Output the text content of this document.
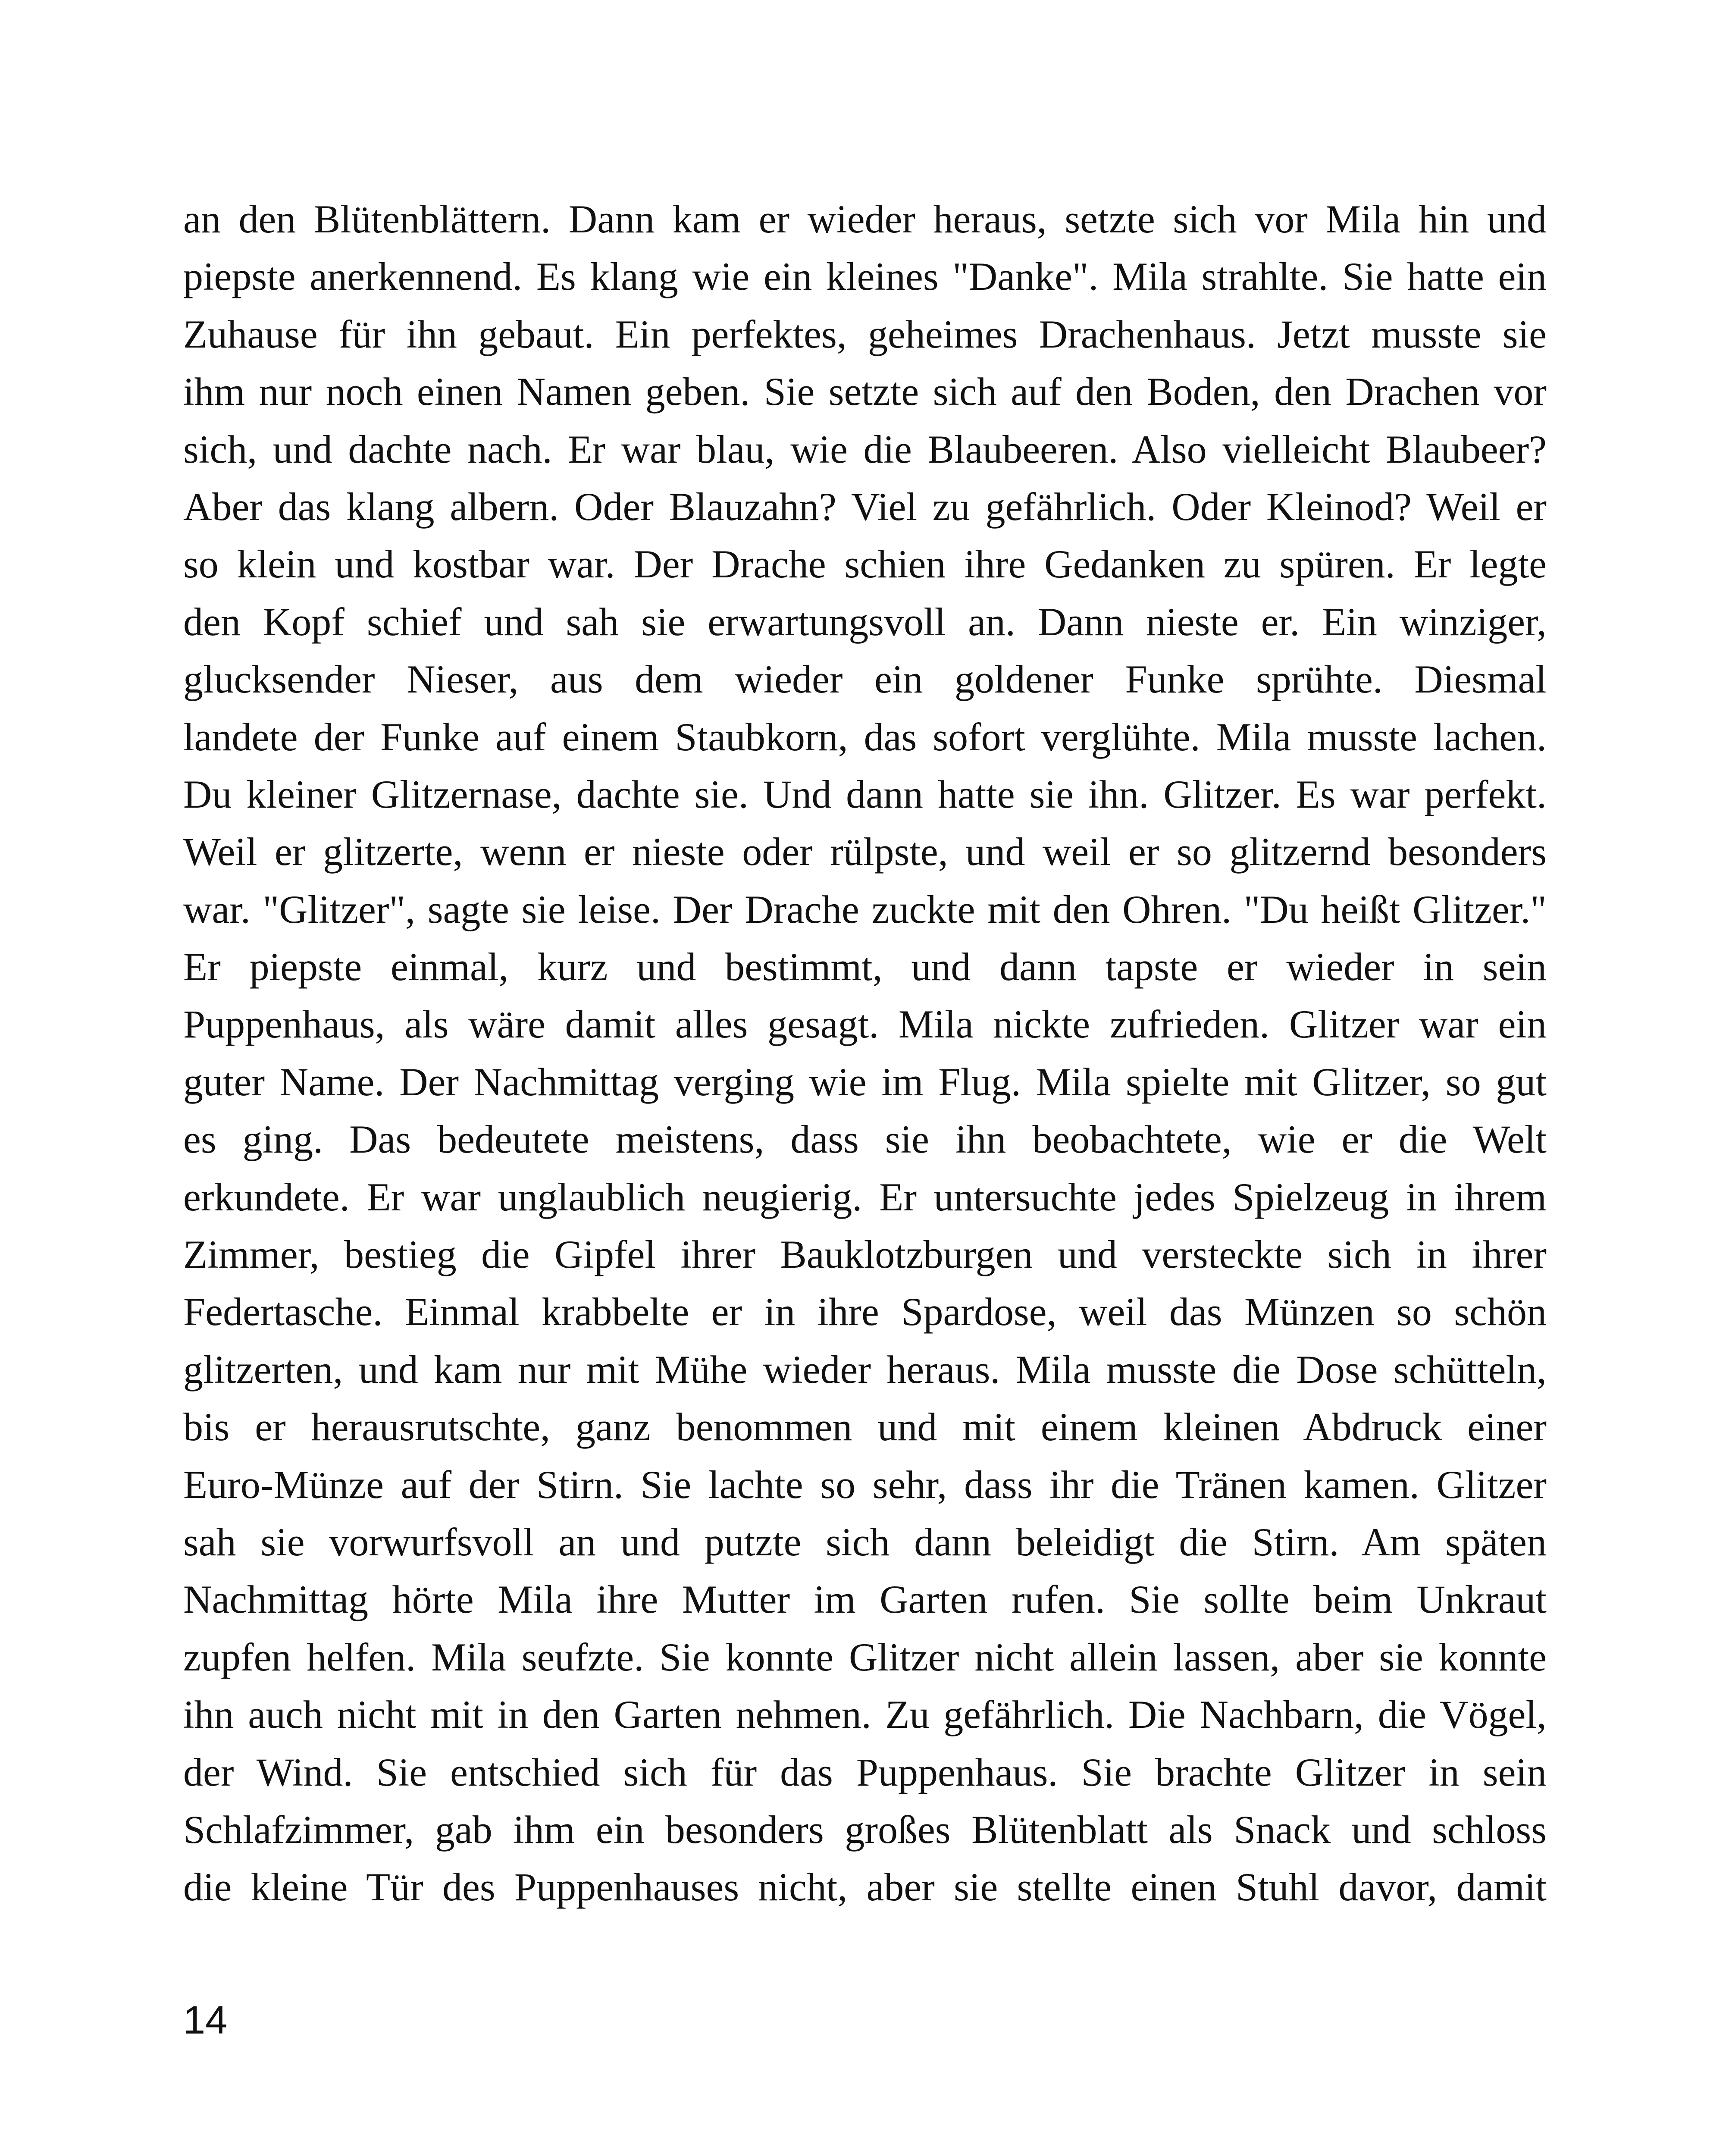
an den Blütenblättern. Dann kam er wieder heraus, setzte sich vor Mila hin und
piepste anerkennend. Es klang wie ein kleines "Danke". Mila strahlte. Sie hatte ein
Zuhause für ihn gebaut. Ein perfektes, geheimes Drachenhaus. Jetzt musste sie
ihm nur noch einen Namen geben. Sie setzte sich auf den Boden, den Drachen vor
sich, und dachte nach. Er war blau, wie die Blaubeeren. Also vielleicht Blaubeer?
Aber das klang albern. Oder Blauzahn? Viel zu gefährlich. Oder Kleinod? Weil er
so klein und kostbar war. Der Drache schien ihre Gedanken zu spüren. Er legte
den Kopf schief und sah sie erwartungsvoll an. Dann nieste er. Ein winziger,
glucksender Nieser, aus dem wieder ein goldener Funke sprühte. Diesmal
landete der Funke auf einem Staubkorn, das sofort verglühte. Mila musste lachen.
Du kleiner Glitzernase, dachte sie. Und dann hatte sie ihn. Glitzer. Es war perfekt.
Weil er glitzerte, wenn er nieste oder rülpste, und weil er so glitzernd besonders
war. "Glitzer", sagte sie leise. Der Drache zuckte mit den Ohren. "Du heißt Glitzer."
Er piepste einmal, kurz und bestimmt, und dann tapste er wieder in sein
Puppenhaus, als wäre damit alles gesagt. Mila nickte zufrieden. Glitzer war ein
guter Name. Der Nachmittag verging wie im Flug. Mila spielte mit Glitzer, so gut
es ging. Das bedeutete meistens, dass sie ihn beobachtete, wie er die Welt
erkundete. Er war unglaublich neugierig. Er untersuchte jedes Spielzeug in ihrem
Zimmer, bestieg die Gipfel ihrer Bauklotzburgen und versteckte sich in ihrer
Federtasche. Einmal krabbelte er in ihre Spardose, weil das Münzen so schön
glitzerten, und kam nur mit Mühe wieder heraus. Mila musste die Dose schütteln,
bis er herausrutschte, ganz benommen und mit einem kleinen Abdruck einer
Euro-Münze auf der Stirn. Sie lachte so sehr, dass ihr die Tränen kamen. Glitzer
sah sie vorwurfsvoll an und putzte sich dann beleidigt die Stirn. Am späten
Nachmittag hörte Mila ihre Mutter im Garten rufen. Sie sollte beim Unkraut
zupfen helfen. Mila seufzte. Sie konnte Glitzer nicht allein lassen, aber sie konnte
ihn auch nicht mit in den Garten nehmen. Zu gefährlich. Die Nachbarn, die Vögel,
der Wind. Sie entschied sich für das Puppenhaus. Sie brachte Glitzer in sein
Schlafzimmer, gab ihm ein besonders großes Blütenblatt als Snack und schloss
die kleine Tür des Puppenhauses nicht, aber sie stellte einen Stuhl davor, damit

14
